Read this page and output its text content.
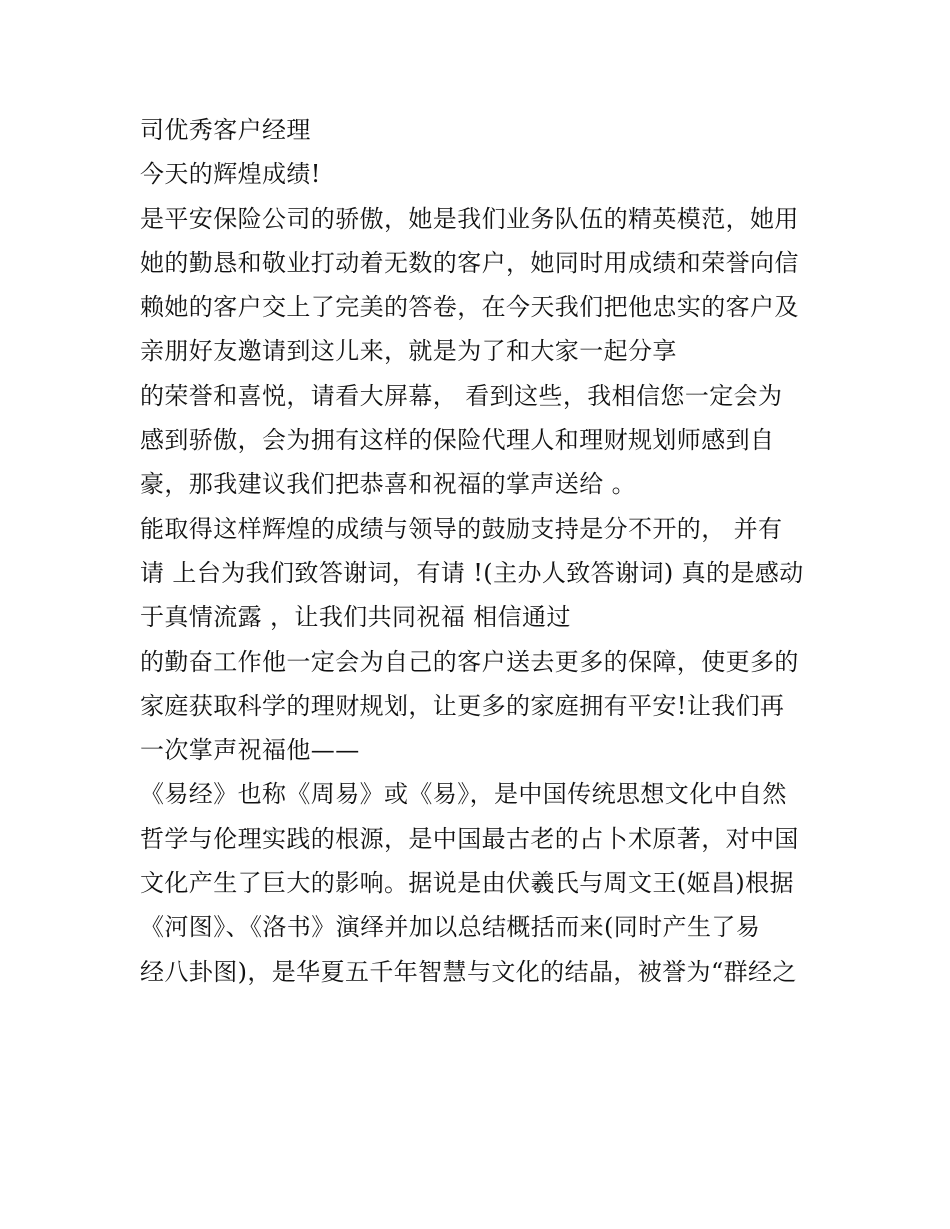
司优秀客户经理
今天的辉煌成绩!
是平安保险公司的骄傲，她是我们业务队伍的精英模范，她用
她的勤恳和敬业打动着无数的客户，她同时用成绩和荣誉向信
赖她的客户交上了完美的答卷，在今天我们把他忠实的客户及
亲朋好友邀请到这儿来，就是为了和大家一起分享
的荣誉和喜悦，请看大屏幕， 看到这些，我相信您一定会为
感到骄傲，会为拥有这样的保险代理人和理财规划师感到自
豪，那我建议我们把恭喜和祝福的掌声送给 。
能取得这样辉煌的成绩与领导的鼓励支持是分不开的， 并有
请 上台为我们致答谢词，有请 !(主办人致答谢词) 真的是感动
于真情流露 ，让我们共同祝福 相信通过
的勤奋工作他一定会为自己的客户送去更多的保障，使更多的
家庭获取科学的理财规划，让更多的家庭拥有平安!让我们再
一次掌声祝福他——
《易经》也称《周易》或《易》，是中国传统思想文化中自然
哲学与伦理实践的根源，是中国最古老的占卜术原著，对中国
文化产生了巨大的影响。据说是由伏羲氏与周文王(姬昌)根据
《河图》、《洛书》演绎并加以总结概括而来(同时产生了易
经八卦图)，是华夏五千年智慧与文化的结晶，被誉为“群经之
